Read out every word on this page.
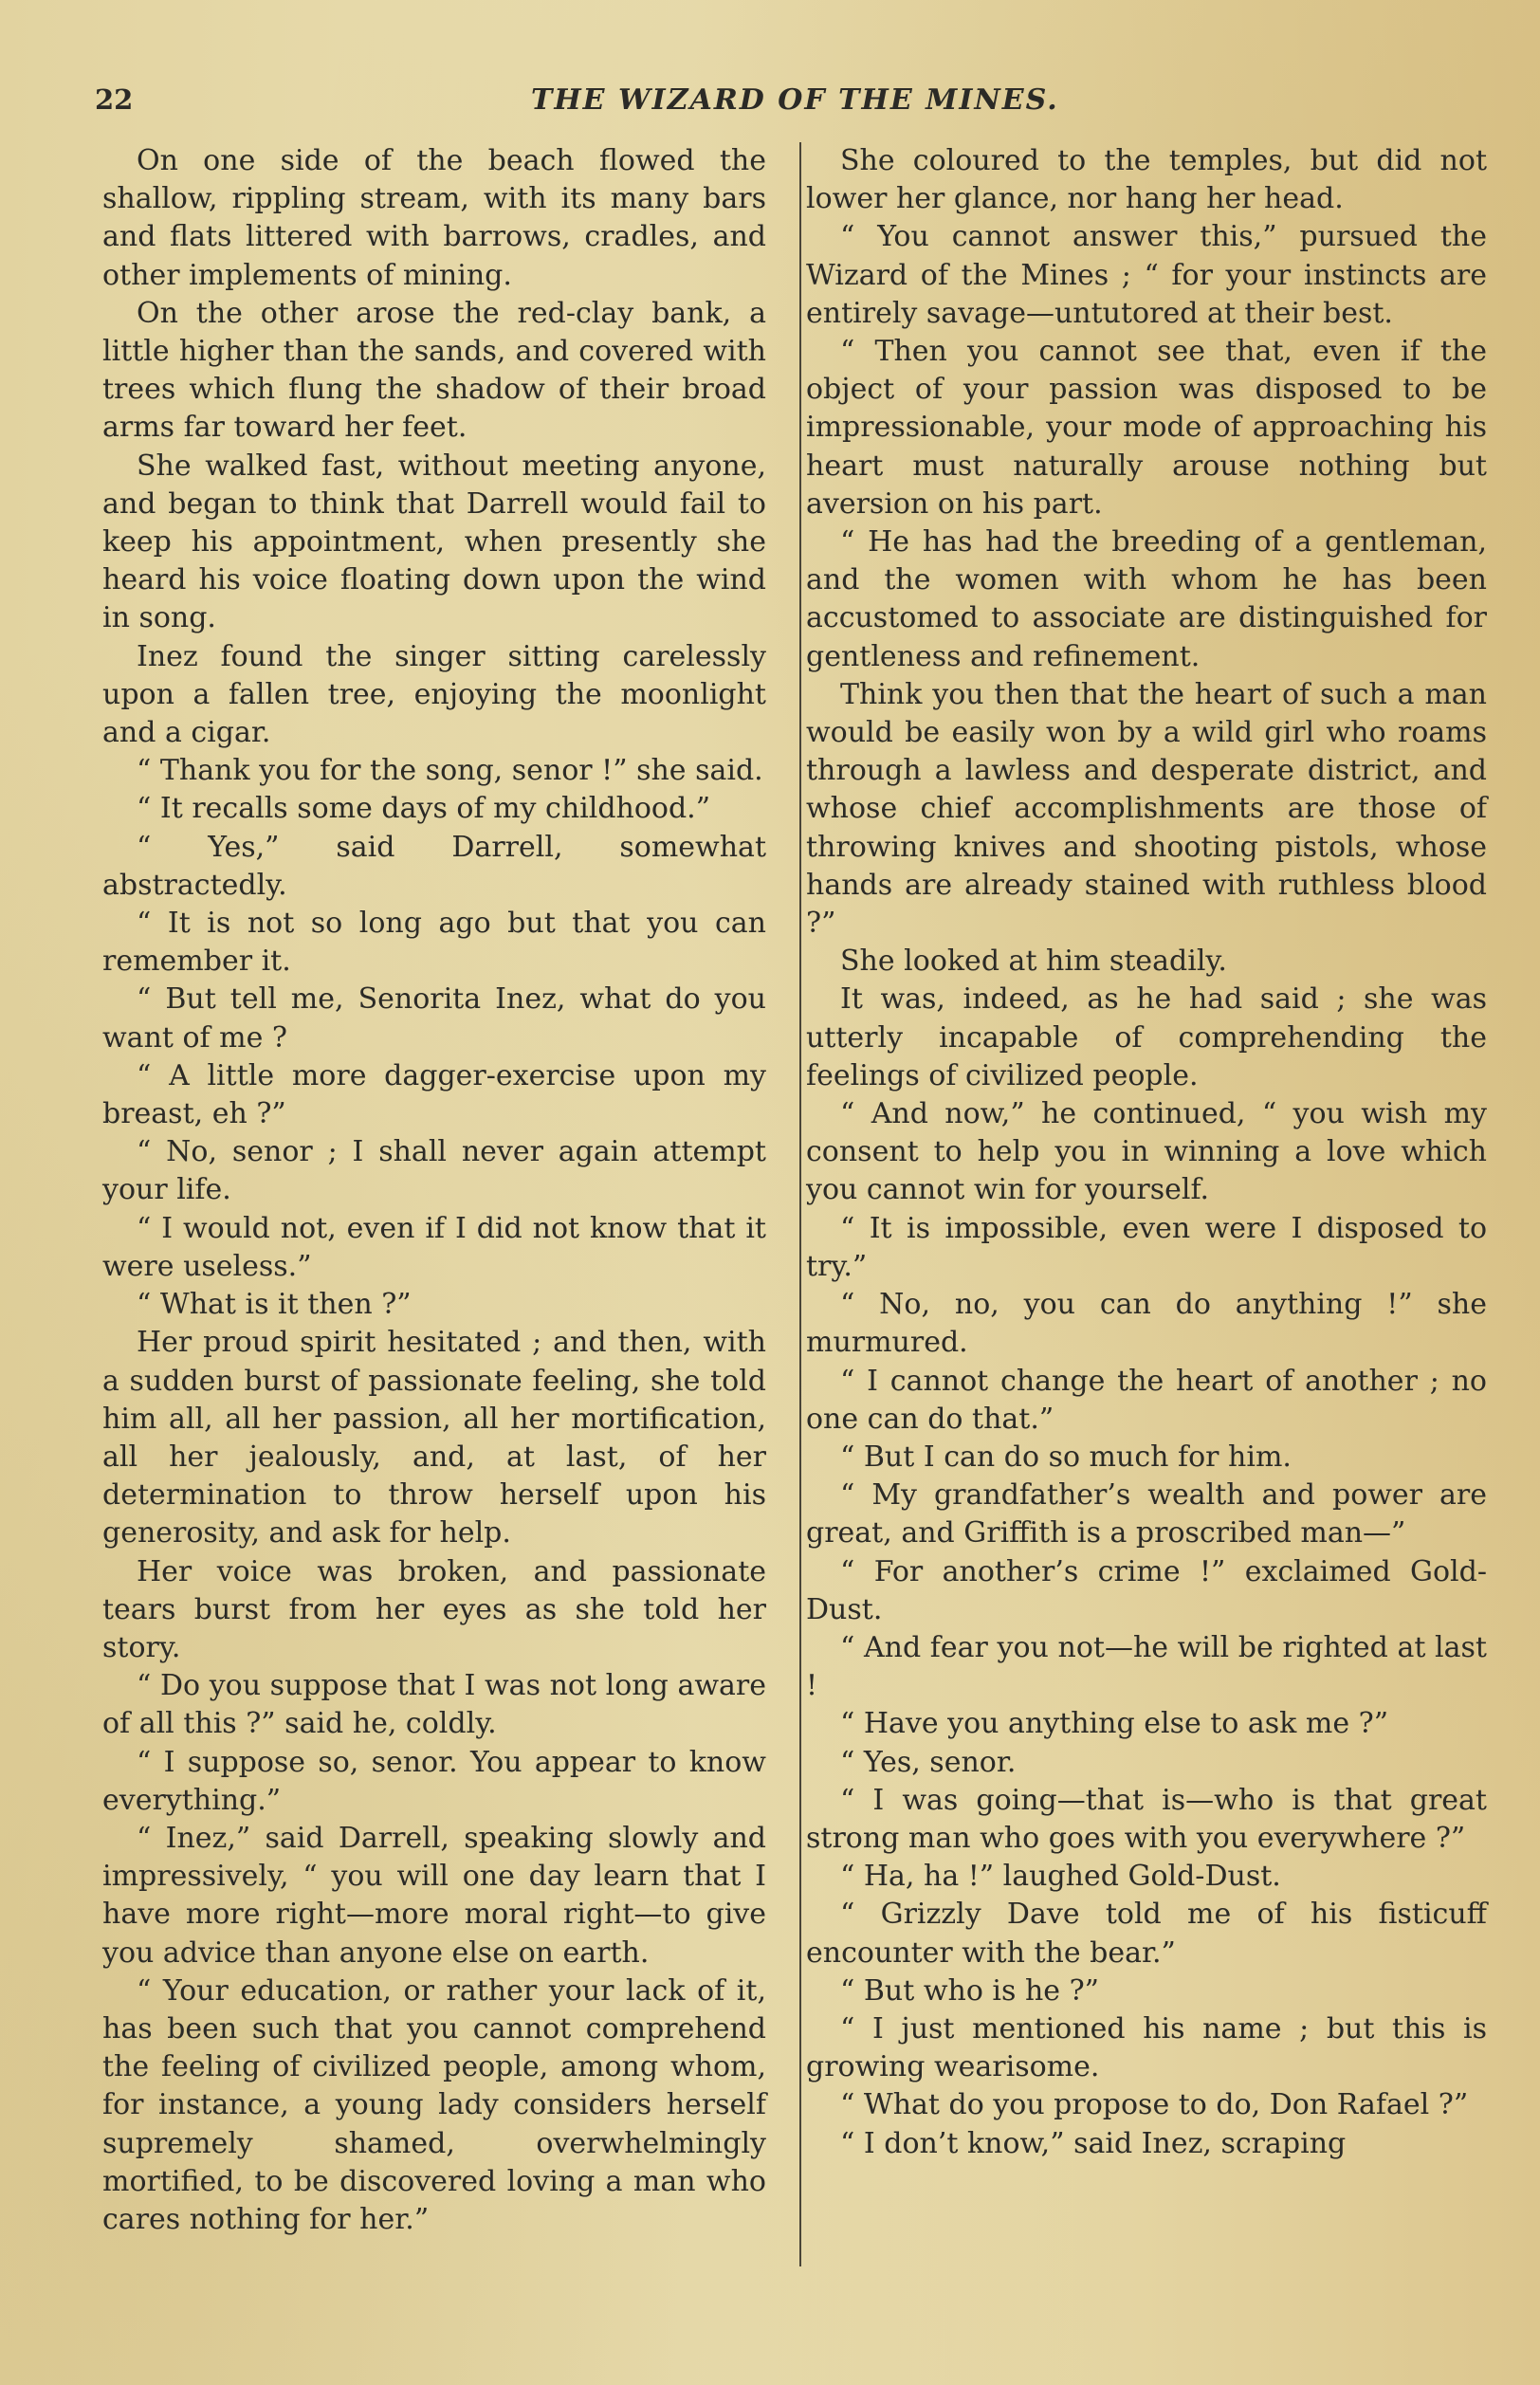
22	THE WIZARD OF THE MINES.

On one side of the beach flowed the shallow, rippling stream, with its many bars and flats littered with barrows, cradles, and other implements of mining.

On the other arose the red-clay bank, a little higher than the sands, and covered with trees which flung the shadow of their broad arms far toward her feet.

She walked fast, without meeting anyone, and began to think that Darrell would fail to keep his appointment, when presently she heard his voice floating down upon the wind in song.

Inez found the singer sitting carelessly upon a fallen tree, enjoying the moonlight and a cigar.

“ Thank you for the song, senor !” she said.

“ It recalls some days of my childhood.”

“ Yes,” said Darrell, somewhat abstractedly.

“ It is not so long ago but that you can remember it.

“ But tell me, Senorita Inez, what do you want of me ?

“ A little more dagger-exercise upon my breast, eh ?”

“ No, senor ; I shall never again attempt your life.

“ I would not, even if I did not know that it were useless.”

“ What is it then ?”

Her proud spirit hesitated ; and then, with a sudden burst of passionate feeling, she told him all, all her passion, all her mortification, all her jealously, and, at last, of her determination to throw herself upon his generosity, and ask for help.

Her voice was broken, and passionate tears burst from her eyes as she told her story.

“ Do you suppose that I was not long aware of all this ?” said he, coldly.

“ I suppose so, senor. You appear to know everything.”

“ Inez,” said Darrell, speaking slowly and impressively, “ you will one day learn that I have more right—more moral right—to give you advice than anyone else on earth.

“ Your education, or rather your lack of it, has been such that you cannot comprehend the feeling of civilized people, among whom, for instance, a young lady considers herself supremely shamed, overwhelmingly mortified, to be discovered loving a man who cares nothing for her.”

She coloured to the temples, but did not lower her glance, nor hang her head.

“ You cannot answer this,” pursued the Wizard of the Mines ; “ for your instincts are entirely savage—untutored at their best.

“ Then you cannot see that, even if the object of your passion was disposed to be impressionable, your mode of approaching his heart must naturally arouse nothing but aversion on his part.

“ He has had the breeding of a gentleman, and the women with whom he has been accustomed to associate are distinguished for gentleness and refinement.

Think you then that the heart of such a man would be easily won by a wild girl who roams through a lawless and desperate district, and whose chief accomplishments are those of throwing knives and shooting pistols, whose hands are already stained with ruthless blood ?”

She looked at him steadily.

It was, indeed, as he had said ; she was utterly incapable of comprehending the feelings of civilized people.

“ And now,” he continued, “ you wish my consent to help you in winning a love which you cannot win for yourself.

“ It is impossible, even were I disposed to try.”

“ No, no, you can do anything !” she murmured.

“ I cannot change the heart of another ; no one can do that.”

“ But I can do so much for him.

“ My grandfather’s wealth and power are great, and Griffith is a proscribed man—”

“ For another’s crime !” exclaimed Gold-Dust.

“ And fear you not—he will be righted at last !

“ Have you anything else to ask me ?”

“ Yes, senor.

“ I was going—that is—who is that great strong man who goes with you everywhere ?”

“ Ha, ha !” laughed Gold-Dust.

“ Grizzly Dave told me of his fisticuff encounter with the bear.”

“ But who is he ?”

“ I just mentioned his name ; but this is growing wearisome.

“ What do you propose to do, Don Rafael ?”

“ I don’t know,” said Inez, scraping
